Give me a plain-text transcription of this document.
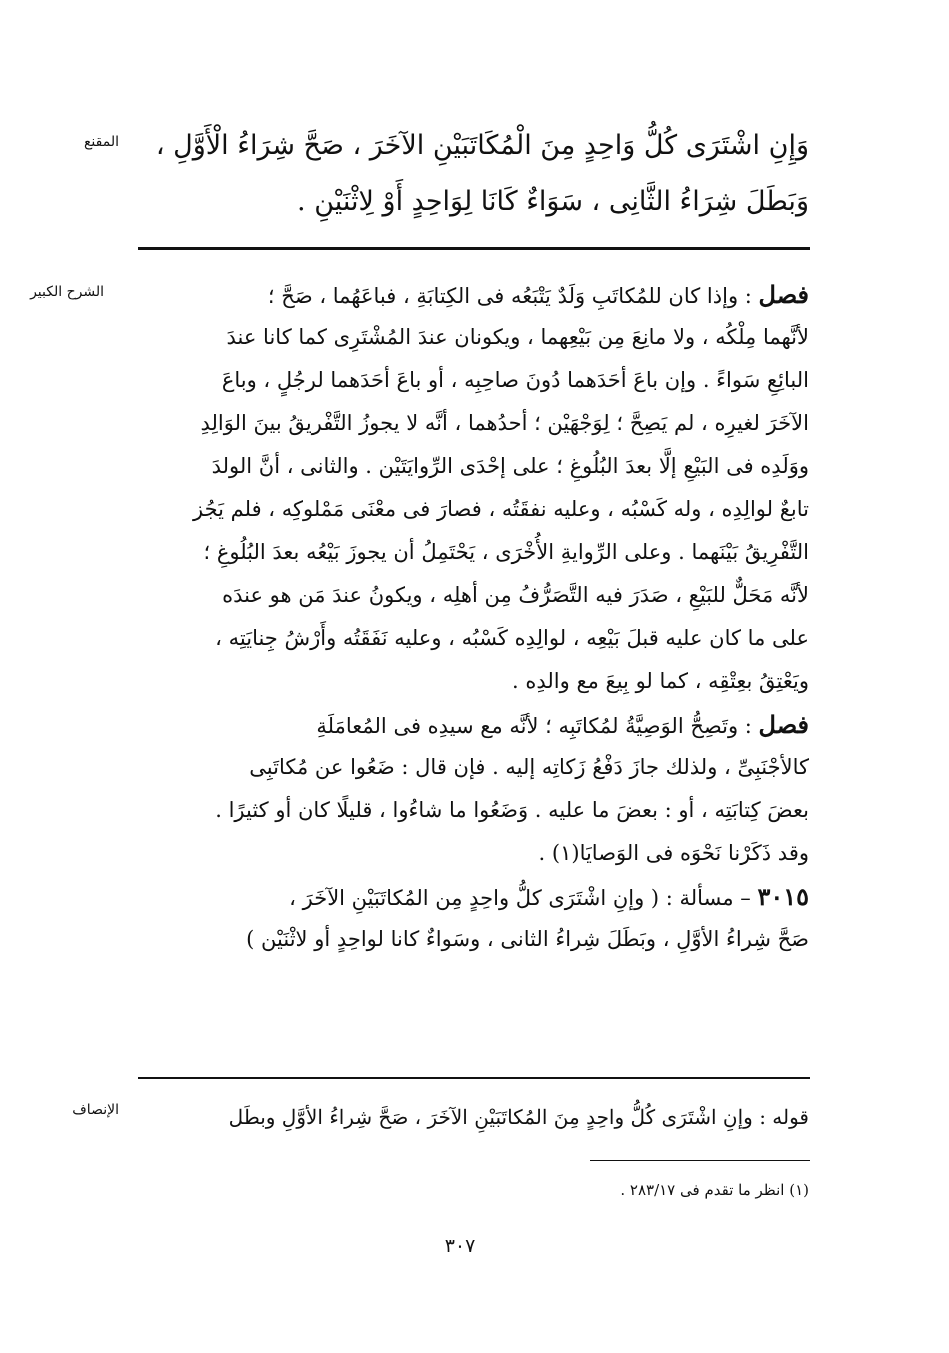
المقنع	وَإِنِ اشْتَرَى كُلُّ وَاحِدٍ مِنَ الْمُكَاتَبَيْنِ الآخَرَ ، صَحَّ شِرَاءُ الْأَوَّلِ ،
وَبَطَلَ شِرَاءُ الثَّانِى ، سَوَاءٌ كَانَا لِوَاحِدٍ أَوْ لِاثْنَيْنِ .
الشرح الكبير	فصل : وإذا كان للمُكاتَبِ وَلَدٌ يَتْبَعُه فى الكِتابَةِ ، فباعَهُما ، صَحَّ ؛
لأنَّهما مِلْكُه ، ولا مانِعَ مِن بَيْعِهما ، ويكونان عندَ المُشْتَرِى كما كانا عندَ
البائِعِ سَواءً . وإن باعَ أحَدَهما دُونَ صاحِبِه ، أو باعَ أحَدَهما لرجُلٍ ، وباعَ
الآخَرَ لغيرِه ، لم يَصِحَّ ؛ لِوَجْهَيْن ؛ أحدُهما ، أنَّه لا يجوزُ التَّفْريقُ بينَ الوَالِدِ
ووَلَدِه فى البَيْعِ إلَّا بعدَ البُلُوغِ ؛ على إحْدَى الرِّوايَتَيْن . والثانى ، أنَّ الولدَ
تابعٌ لوالِدِه ، وله كَسْبُه ، وعليه نفقَتُه ، فصارَ فى معْنَى مَمْلوكِه ، فلم يَجُز
التَّفْرِيقُ بَيْنَهما . وعلى الرِّوايةِ الأُخْرَى ، يَحْتَمِلُ أن يجوزَ بَيْعُه بعدَ البُلُوغِ ؛
لأنَّه مَحَلٌّ للبَيْعِ ، صَدَرَ فيه التَّصَرُّفُ مِن أهلِه ، ويكونُ عندَ مَن هو عندَه
على ما كان عليه قبلَ بَيْعِه ، لوالِدِه كَسْبُه ، وعليه نَفَقَتُه وأَرْشُ جِنايَتِه ،
ويَعْتِقُ بعِتْقِه ، كما لو بِيعَ مع والدِه .
فصل : وتَصِحُّ الوَصِيَّةُ لمُكاتَبِه ؛ لأنَّه مع سيدِه فى المُعامَلَةِ
كالأجْنَبِىِّ ، ولذلك جازَ دَفْعُ زَكاتِه إليه . فإن قال : ضَعُوا عن مُكاتَبِى
بعضَ كِتابَتِه ، أو : بعضَ ما عليه . وَضَعُوا ما شاءُوا ، قليلًا كان أو كثيرًا .
وقد ذَكَرْنا نَحْوَه فى الوَصايَا(١) .
٣٠١٥ – مسألة : ( وإنِ اشْتَرَى كلُّ واحِدٍ مِن المُكاتَبَيْنِ الآخَرَ ،
صَحَّ شِراءُ الأوَّلِ ، وبَطَلَ شِراءُ الثانى ، وسَواءٌ كانا لواحِدٍ أو لاثْنَيْن )
الإنصاف	قوله : وإنِ اشْتَرَى كُلُّ واحِدٍ مِنَ المُكاتَبَيْنِ الآخَرَ ، صَحَّ شِراءُ الأوَّلِ وبطَل
(١) انظر ما تقدم فى ٢٨٣/١٧ .
٣٠٧
